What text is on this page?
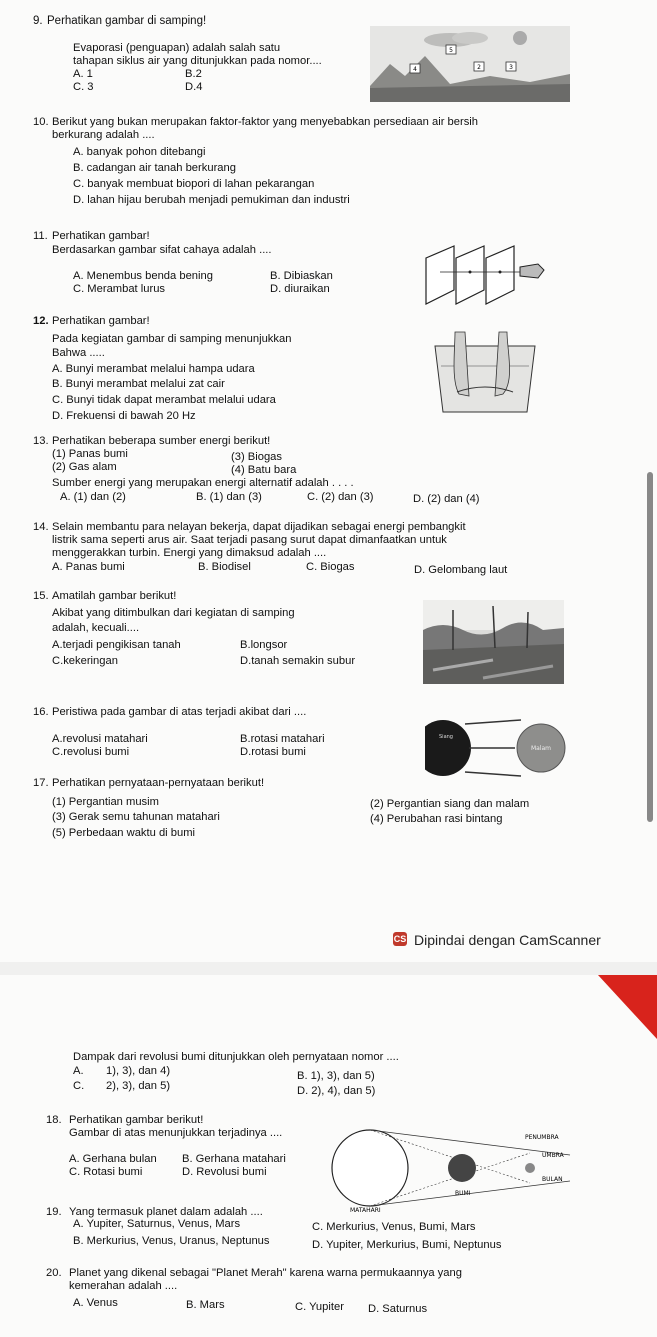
9. Perhatikan gambar di samping!
Evaporasi (penguapan) adalah salah satu
tahapan siklus air yang ditunjukkan pada nomor....
A. 1	B.2
C. 3	D.4
5
4	2	3
10. Berikut yang bukan merupakan faktor-faktor yang menyebabkan persediaan air bersih
berkurang adalah ....
A. banyak pohon ditebangi
B. cadangan air tanah berkurang
C. banyak membuat biopori di lahan pekarangan
D. lahan hijau berubah menjadi pemukiman dan industri
11. Perhatikan gambar!
Berdasarkan gambar sifat cahaya adalah ....
A. Menembus benda bening	B. Dibiaskan
C. Merambat lurus	D. diuraikan
12. Perhatikan gambar!
Pada kegiatan gambar di samping menunjukkan
Bahwa .....
A. Bunyi merambat melalui hampa udara
B. Bunyi merambat melalui zat cair
C. Bunyi tidak dapat merambat melalui udara
D. Frekuensi di bawah 20 Hz
13. Perhatikan beberapa sumber energi berikut!
(1) Panas bumi	(3) Biogas
(2) Gas alam	(4) Batu bara
Sumber energi yang merupakan energi alternatif adalah . . . .
A. (1) dan (2)	B. (1) dan (3)	C. (2) dan (3)	D. (2) dan (4)
14. Selain membantu para nelayan bekerja, dapat dijadikan sebagai energi pembangkit
listrik sama seperti arus air. Saat terjadi pasang surut dapat dimanfaatkan untuk
menggerakkan turbin. Energi yang dimaksud adalah ....
A. Panas bumi	B. Biodisel	C. Biogas	D. Gelombang laut
15. Amatilah gambar berikut!
Akibat yang ditimbulkan dari kegiatan di samping
adalah, kecuali....
A.terjadi pengikisan tanah	B.longsor
C.kekeringan	D.tanah semakin subur
16. Peristiwa pada gambar di atas terjadi akibat dari ....
A.revolusi matahari	B.rotasi matahari
C.revolusi bumi	D.rotasi bumi
Siang
Malam
17. Perhatikan pernyataan-pernyataan berikut!
(1) Pergantian musim	(2) Pergantian siang dan malam
(3) Gerak semu tahunan matahari	(4) Perubahan rasi bintang
(5) Perbedaan waktu di bumi
CS Dipindai dengan CamScanner
Dampak dari revolusi bumi ditunjukkan oleh pernyataan nomor ....
A. 1), 3), dan 4)	B. 1), 3), dan 5)
C. 2), 3), dan 5)	D. 2), 4), dan 5)
18. Perhatikan gambar berikut!
Gambar di atas menunjukkan terjadinya ....
A. Gerhana bulan B. Gerhana matahari
C. Rotasi bumi	D. Revolusi bumi
PENUMBRA
UMBRA
BULAN
BUMI
MATAHARI
19. Yang termasuk planet dalam adalah ....
A. Yupiter, Saturnus, Venus, Mars	C. Merkurius, Venus, Bumi, Mars
B. Merkurius, Venus, Uranus, Neptunus	D. Yupiter, Merkurius, Bumi, Neptunus
20. Planet yang dikenal sebagai "Planet Merah" karena warna permukaannya yang
kemerahan adalah ....
A. Venus	B. Mars	C. Yupiter D. Saturnus
